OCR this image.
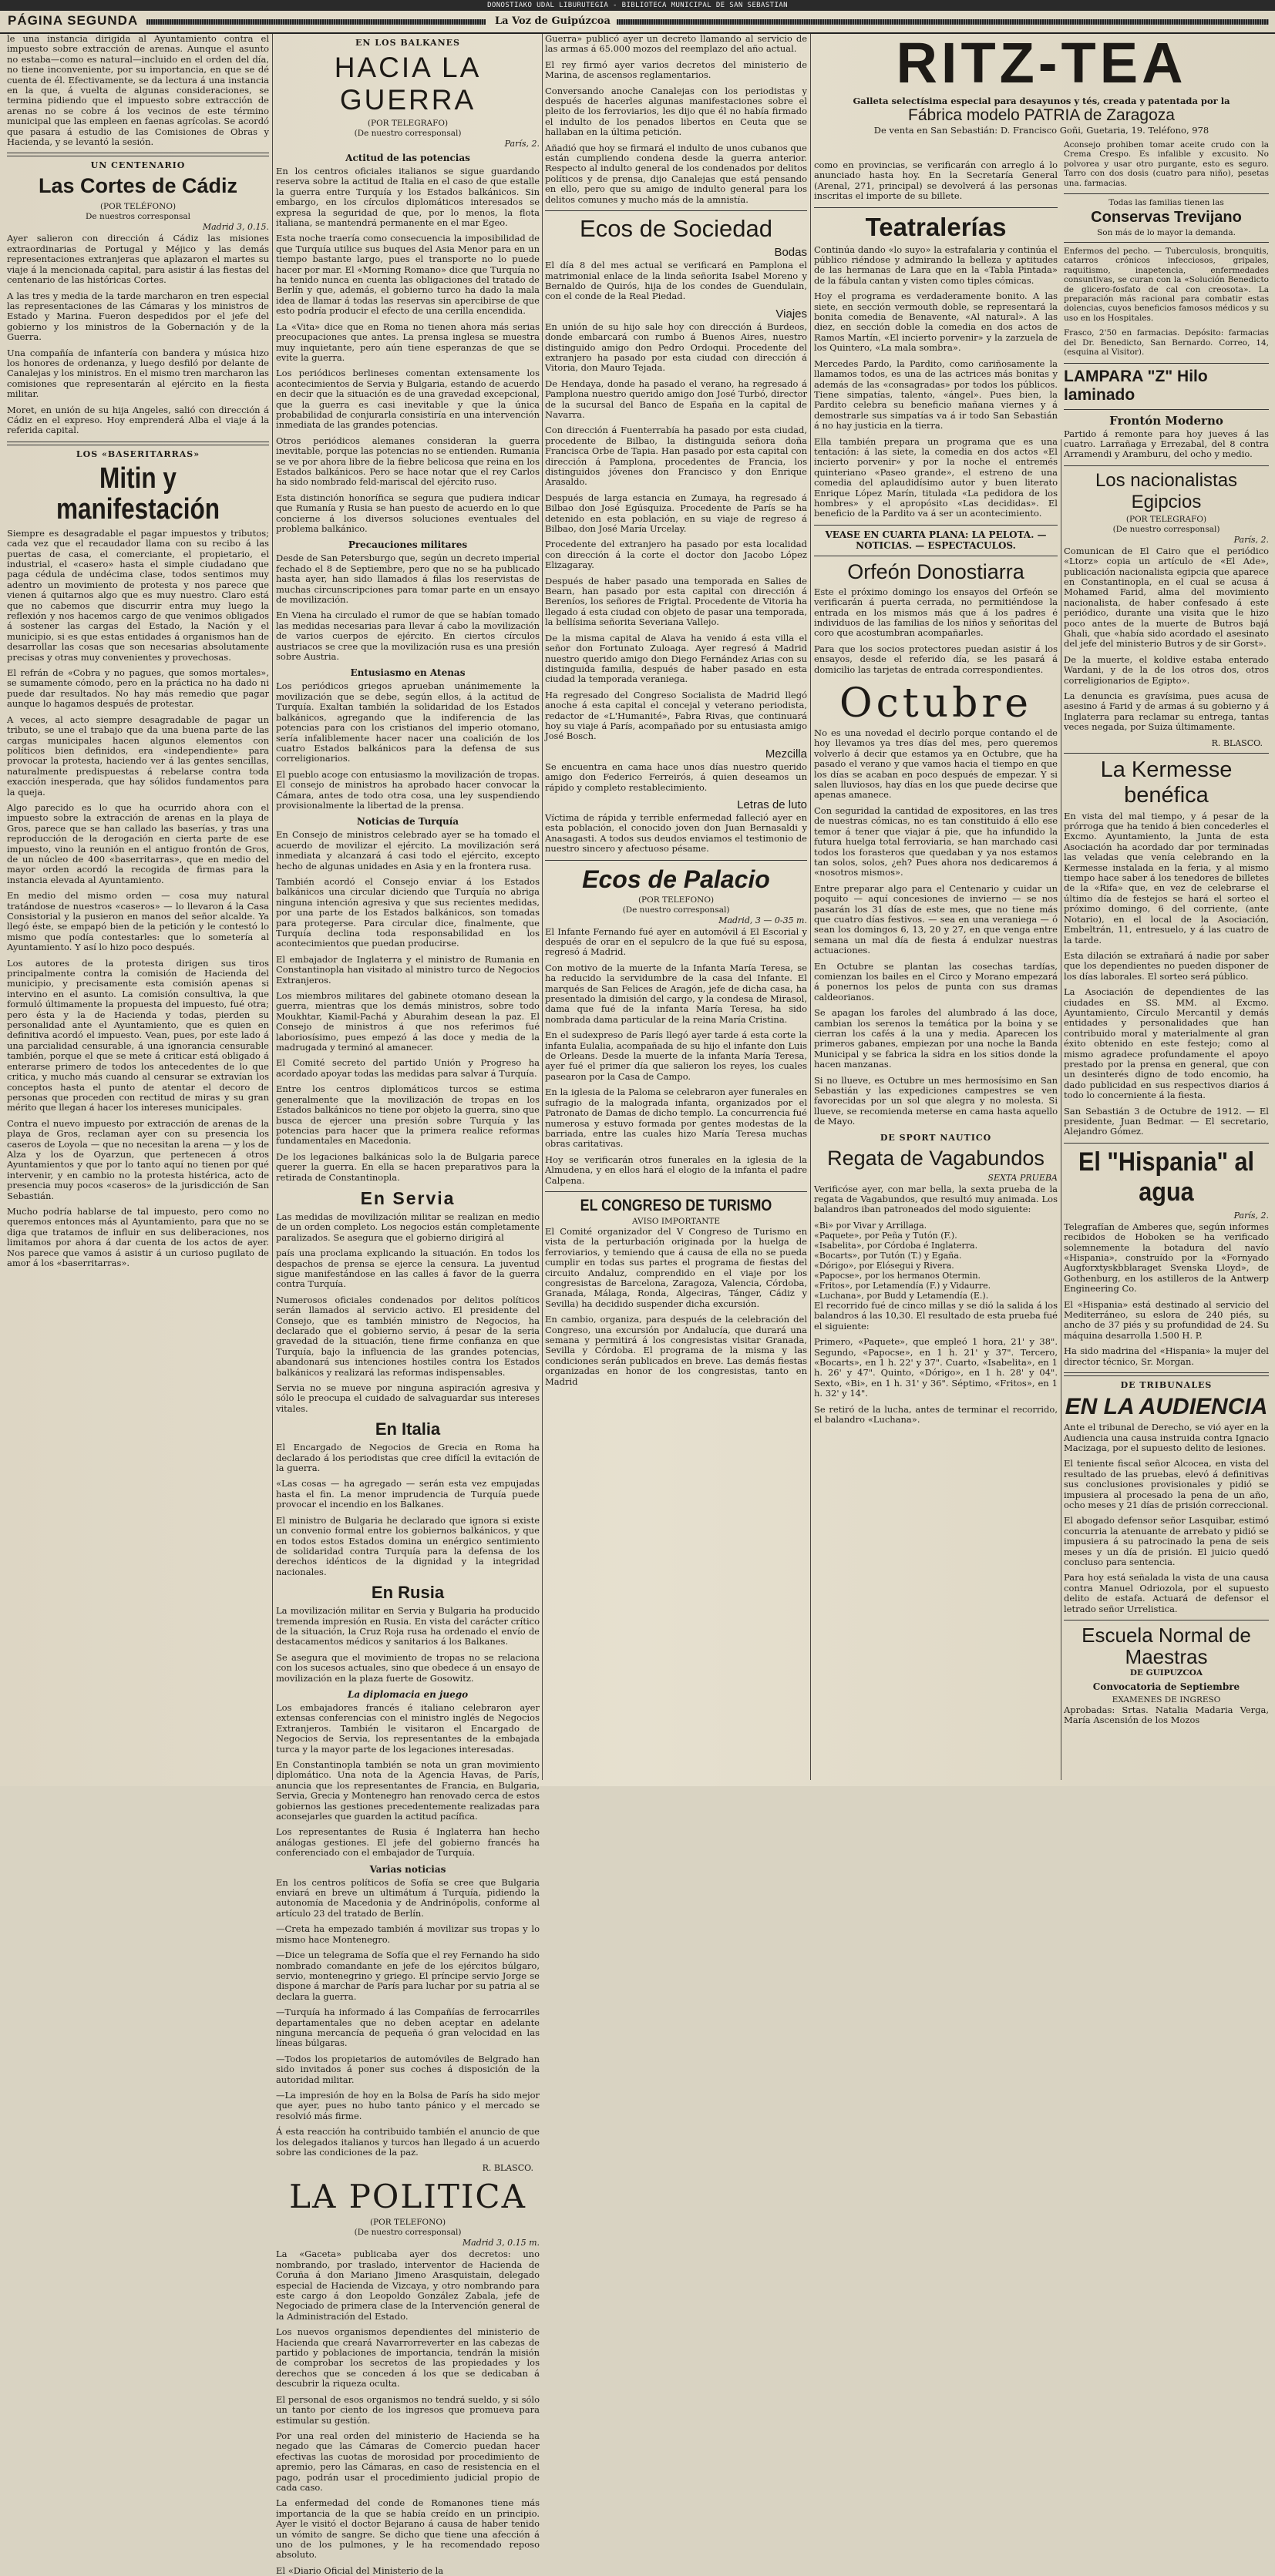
DONOSTIAKO UDAL LIBURUTEGIA - BIBLIOTECA MUNICIPAL DE SAN SEBASTIAN
PÁGINA SEGUNDA	La Voz de Guipúzcoa

le una instancia dirigida al Ayuntamiento contra el impuesto sobre extracción de arenas. Aunque el asunto no estaba—como es natural—incluido en el orden del día, no tiene inconveniente, por su importancia, en que se dé cuenta de él. Efectivamente, se da lectura á una instancia en la que, á vuelta de algunas consideraciones, se termina pidiendo que el impuesto sobre extracción de arenas no se cobre á los vecinos de este término municipal que las empleen en faenas agrícolas. Se acordó que pasara á estudio de las Comisiones de Obras y Hacienda, y se levantó la sesión.

UN CENTENARIO
Las Cortes de Cádiz
(POR TELÉFONO)
De nuestros corresponsal
Madrid 3, 0.15.

Ayer salieron con dirección á Cádiz las misiones extraordinarias de Portugal y Méjico y las demás representaciones extranjeras que aplazaron el martes su viaje á la mencionada capital, para asistir á las fiestas del centenario de las históricas Cortes.

A las tres y media de la tarde marcharon en tren especial las representaciones de las Cámaras y los ministros de Estado y Marina. Fueron despedidos por el jefe del gobierno y los ministros de la Gobernación y de la Guerra.

Una compañía de infantería con bandera y música hizo los honores de ordenanza, y luego desfiló por delante de Canalejas y los ministros. En el mismo tren marcharon las comisiones que representarán al ejército en la fiesta militar.

Moret, en unión de su hija Angeles, salió con dirección á Cádiz en el expreso. Hoy emprenderá Alba el viaje á la referida capital.

LOS «BASERITARRAS»
Mitin y manifestación

Siempre es desagradable el pagar impuestos y tributos; cada vez que el recaudador llama con su recibo á las puertas de casa, el comerciante, el propietario, el industrial, el «casero» hasta el simple ciudadano que paga cédula de undécima clase, todos sentimos muy adentro un movimiento de protesta y nos parece que vienen á quitarnos algo que es muy nuestro. Claro está que no cabemos que discurrir entra muy luego la reflexión y nos hacemos cargo de que venimos obligados á sostener las cargas del Estado, la Nación y el municipio, si es que estas entidades á organismos han de desarrollar las cosas que son necesarias absolutamente precisas y otras muy convenientes y provechosas.

El refrán de «Cobra y no pagues, que somos mortales», se sumamente cómodo, pero en la práctica no ha dado ni puede dar resultados. No hay más remedio que pagar aunque lo hagamos después de protestar.

A veces, al acto siempre desagradable de pagar un tributo, se une el trabajo que da una buena parte de las cargas municipales hacen algunos elementos con políticos bien definidos, era «independiente» para provocar la protesta, haciendo ver á las gentes sencillas, naturalmente predispuestas á rebelarse contra toda exacción inesperada, que hay sólidos fundamentos para la queja.

Algo parecido es lo que ha ocurrido ahora con el impuesto sobre la extracción de arenas en la playa de Gros, parece que se han callado las baserías, y tras una reproducción de la derogación en cierta parte de ese impuesto, vino la reunión en el antiguo frontón de Gros, de un núcleo de 400 «baserritarras», que en medio del mayor orden acordó la recogida de firmas para la instancia elevada al Ayuntamiento.

En medio del mismo orden — cosa muy natural tratándose de nuestros «caseros» — lo llevaron á la Casa Consistorial y la pusieron en manos del señor alcalde. Ya llegó éste, se empapó bien de la petición y le contestó lo mismo que podía contestarles: que lo sometería al Ayuntamiento. Y así lo hizo poco después.

Los autores de la protesta dirigen sus tiros principalmente contra la comisión de Hacienda del municipio, y precisamente esta comisión apenas si intervino en el asunto. La comisión consultiva, la que formuló últimamente la propuesta del impuesto, fué otra; pero ésta y la de Hacienda y todas, pierden su personalidad ante el Ayuntamiento, que es quien en definitiva acordó el impuesto. Vean, pues, por este lado á una parcialidad censurable, á una ignorancia censurable también, porque el que se mete á criticar está obligado á enterarse primero de todos los antecedentes de lo que critica, y mucho más cuando al censurar se extravían los conceptos hasta el punto de atentar el decoro de personas que proceden con rectitud de miras y su gran mérito que llegan á hacer los intereses municipales.

Contra el nuevo impuesto por extracción de arenas de la playa de Gros, reclaman ayer con su presencia los caseros de Loyola — que no necesitan la arena — y los de Alza y los de Oyarzun, que pertenecen á otros Ayuntamientos y que por lo tanto aquí no tienen por qué intervenir, y en cambio no la protesta histérica, acto de presencia muy pocos «caseros» de la jurisdicción de San Sebastián.

Mucho podría hablarse de tal impuesto, pero como no queremos entonces más al Ayuntamiento, para que no se diga que tratamos de influir en sus deliberaciones, nos limitamos por ahora á dar cuenta de los actos de ayer. Nos parece que vamos á asistir á un curioso pugilato de amor á los «baserritarras».

EN LOS BALKANES
HACIA LA GUERRA
(POR TELEGRAFO)
(De nuestro corresponsal)
París, 2.
Actitud de las potencias

En los centros oficiales italianos se sigue guardando reserva sobre la actitud de Italia en el caso de que estalle la guerra entre Turquía y los Estados balkánicos. Sin embargo, en los círculos diplomáticos interesados se expresa la seguridad de que, por lo menos, la flota italiana, se mantendrá permanente en el mar Egeo.

Esta noche traería como consecuencia la imposibilidad de que Turquía utilice sus buques del Asia Menor para en un tiempo bastante largo, pues el transporte no lo puede hacer por mar. El «Morning Romano» dice que Turquía no ha tenido nunca en cuenta las obligaciones del tratado de Berlín y que, además, el gobierno turco ha dado la mala idea de llamar á todas las reservas sin apercibirse de que esto podría producir el efecto de una cerilla encendida.

La «Vita» dice que en Roma no tienen ahora más serias preocupaciones que antes. La prensa inglesa se muestra muy inquietante, pero aún tiene esperanzas de que se evite la guerra.

Los periódicos berlineses comentan extensamente los acontecimientos de Servia y Bulgaria, estando de acuerdo en decir que la situación es de una gravedad excepcional, que la guerra es casi inevitable y que la única probabilidad de conjurarla consistiría en una intervención inmediata de las grandes potencias.

Otros periódicos alemanes consideran la guerra inevitable, porque las potencias no se entienden. Rumania se ve por ahora libre de la fiebre belicosa que reina en los Estados balkánicos. Pero se hace notar que el rey Carlos ha sido nombrado feld-mariscal del ejército ruso.

Esta distinción honorífica se segura que pudiera indicar que Rumanía y Rusia se han puesto de acuerdo en lo que concierne á los diversos soluciones eventuales del problema balkánico.

Precauciones militares

Desde de San Petersburgo que, según un decreto imperial fechado el 8 de Septiembre, pero que no se ha publicado hasta ayer, han sido llamados á filas los reservistas de muchas circunscripciones para tomar parte en un ensayo de movilización.

En Viena ha circulado el rumor de que se habían tomado las medidas necesarias para llevar á cabo la movilización de varios cuerpos de ejército. En ciertos círculos austriacos se cree que la movilización rusa es una presión sobre Austria.

Entusiasmo en Atenas

Los periódicos griegos aprueban unánimemente la movilización que se debe, según ellos, á la actitud de Turquía. Exaltan también la solidaridad de los Estados balkánicos, agregando que la indiferencia de las potencias para con los cristianos del imperio otomano, sería infaliblemente hacer nacer una coalición de los cuatro Estados balkánicos para la defensa de sus correligionarios.

El pueblo acoge con entusiasmo la movilización de tropas. El consejo de ministros ha aprobado hacer convocar la Cámara, antes de todo otra cosa, una ley suspendiendo provisionalmente la libertad de la prensa.

Noticias de Turquía

En Consejo de ministros celebrado ayer se ha tomado el acuerdo de movilizar el ejército. La movilización será inmediata y alcanzará á casi todo el ejército, excepto hecho de algunas unidades en Asia y en la frontera rusa.

También acordó el Consejo enviar á los Estados balkánicos una circular diciendo que Turquía no abriga ninguna intención agresiva y que sus recientes medidas, por una parte de los Estados balkánicos, son tomadas para protegerse. Para circular dice, finalmente, que Turquía declina toda responsabilidad en los acontecimientos que puedan producirse.

El embajador de Inglaterra y el ministro de Rumania en Constantinopla han visitado al ministro turco de Negocios Extranjeros.

Los miembros militares del gabinete otomano desean la guerra, mientras que los demás ministros, sobre todo Moukhtar, Kiamil-Pachá y Aburahim desean la paz. El Consejo de ministros á que nos referimos fué laboriosísimo, pues empezó á las doce y media de la madrugada y terminó al amanecer.

El Comité secreto del partido Unión y Progreso ha acordado apoyar todas las medidas para salvar á Turquía.

Entre los centros diplomáticos turcos se estima generalmente que la movilización de tropas en los Estados balkánicos no tiene por objeto la guerra, sino que busca de ejercer una presión sobre Turquía y las potencias para hacer que la primera realice reformas fundamentales en Macedonia.

De los legaciones balkánicas solo la de Bulgaria parece querer la guerra. En ella se hacen preparativos para la retirada de Constantinopla.

En Servia

Las medidas de movilización militar se realizan en medio de un orden completo. Los negocios están completamente paralizados. Se asegura que el gobierno dirigirá al

país una proclama explicando la situación. En todos los despachos de prensa se ejerce la censura. La juventud sigue manifestándose en las calles á favor de la guerra contra Turquía.

Numerosos oficiales condenados por delitos políticos serán llamados al servicio activo. El presidente del Consejo, que es también ministro de Negocios, ha declarado que el gobierno servio, á pesar de la seria gravedad de la situación, tiene firme confianza en que Turquía, bajo la influencia de las grandes potencias, abandonará sus intenciones hostiles contra los Estados balkánicos y realizará las reformas indispensables.

Servia no se mueve por ninguna aspiración agresiva y sólo le preocupa el cuidado de salvaguardar sus intereses vitales.

En Italia

El Encargado de Negocios de Grecia en Roma ha declarado á los periodistas que cree difícil la evitación de la guerra.

«Las cosas — ha agregado — serán esta vez empujadas hasta el fin. La menor imprudencia de Turquía puede provocar el incendio en los Balkanes.

El ministro de Bulgaria he declarado que ignora si existe un convenio formal entre los gobiernos balkánicos, y que en todos estos Estados domina un enérgico sentimiento de solidaridad contra Turquía para la defensa de los derechos idénticos de la dignidad y la integridad nacionales.

En Rusia

La movilización militar en Servia y Bulgaria ha producido tremenda impresión en Rusia. En vista del carácter crítico de la situación, la Cruz Roja rusa ha ordenado el envío de destacamentos médicos y sanitarios á los Balkanes.

Se asegura que el movimiento de tropas no se relaciona con los sucesos actuales, sino que obedece á un ensayo de movilización en la plaza fuerte de Gosowitz.

La diplomacia en juego

Los embajadores francés é italiano celebraron ayer extensas conferencias con el ministro inglés de Negocios Extranjeros. También le visitaron el Encargado de Negocios de Servia, los representantes de la embajada turca y la mayor parte de los legaciones interesadas.

En Constantinopla también se nota un gran movimiento diplomático. Una nota de la Agencia Havas, de París, anuncia que los representantes de Francia, en Bulgaria, Servia, Grecia y Montenegro han renovado cerca de estos gobiernos las gestiones precedentemente realizadas para aconsejarles que guarden la actitud pacífica.

Los representantes de Rusia é Inglaterra han hecho análogas gestiones. El jefe del gobierno francés ha conferenciado con el embajador de Turquía.

Varias noticias

En los centros políticos de Sofía se cree que Bulgaria enviará en breve un ultimátum á Turquía, pidiendo la autonomía de Macedonia y de Andrinópolis, conforme al artículo 23 del tratado de Berlín.

—Creta ha empezado también á movilizar sus tropas y lo mismo hace Montenegro.

—Dice un telegrama de Sofía que el rey Fernando ha sido nombrado comandante en jefe de los ejércitos búlgaro, servio, montenegrino y griego. El príncipe servio Jorge se dispone á marchar de París para luchar por su patria al se declara la guerra.

—Turquía ha informado á las Compañías de ferrocarriles departamentales que no deben aceptar en adelante ninguna mercancía de pequeña ó gran velocidad en las líneas búlgaras.

—Todos los propietarios de automóviles de Belgrado han sido invitados á poner sus coches á disposición de la autoridad militar.

—La impresión de hoy en la Bolsa de París ha sido mejor que ayer, pues no hubo tanto pánico y el mercado se resolvió más firme.

Á esta reacción ha contribuido también el anuncio de que los delegados italianos y turcos han llegado á un acuerdo sobre las condiciones de la paz.

R. BLASCO.
LA POLITICA
(POR TELEFONO)
(De nuestro corresponsal)
Madrid 3, 0.15 m.

La «Gaceta» publicaba ayer dos decretos: uno nombrando, por traslado, interventor de Hacienda de Coruña á don Mariano Jimeno Arasquistain, delegado especial de Hacienda de Vizcaya, y otro nombrando para este cargo á don Leopoldo González Zabala, jefe de Negociado de primera clase de la Intervención general de la Administración del Estado.

Los nuevos organismos dependientes del ministerio de Hacienda que creará Navarrorreverter en las cabezas de partido y poblaciones de importancia, tendrán la misión de comprobar los secretos de las propiedades y los derechos que se conceden á los que se dedicaban á descubrir la riqueza oculta.

El personal de esos organismos no tendrá sueldo, y si sólo un tanto por ciento de los ingresos que promueva para estimular su gestión.

Por una real orden del ministerio de Hacienda se ha negado que las Cámaras de Comercio puedan hacer efectivas las cuotas de morosidad por procedimiento de apremio, pero las Cámaras, en caso de resistencia en el pago, podrán usar el procedimiento judicial propio de cada caso.

La enfermedad del conde de Romanones tiene más importancia de la que se había creído en un principio. Ayer le visitó el doctor Bejarano á causa de haber tenido un vómito de sangre. Se dicho que tiene una afección á uno de los pulmones, y le ha recomendado reposo absoluto.

El «Diario Oficial del Ministerio de la

Guerra» publicó ayer un decreto llamando al servicio de las armas á 65.000 mozos del reemplazo del año actual.

El rey firmó ayer varios decretos del ministerio de Marina, de ascensos reglamentarios.

Conversando anoche Canalejas con los periodistas y después de hacerles algunas manifestaciones sobre el pleito de los ferroviarios, les dijo que él no había firmado el indulto de los penados libertos en Ceuta que se hallaban en la última petición.

Añadió que hoy se firmará el indulto de unos cubanos que están cumpliendo condena desde la guerra anterior. Respecto al indulto general de los condenados por delitos políticos y de prensa, dijo Canalejas que está pensando en ello, pero que su amigo de indulto general para los delitos comunes y mucho más de la amnistía.

Ecos de Sociedad
Bodas

El día 8 del mes actual se verificará en Pamplona el matrimonial enlace de la linda señorita Isabel Moreno y Bernaldo de Quirós, hija de los condes de Guendulain, con el conde de la Real Piedad.

Viajes

En unión de su hijo sale hoy con dirección á Burdeos, donde embarcará con rumbo á Buenos Aires, nuestro distinguido amigo don Pedro Ordoqui. Procedente del extranjero ha pasado por esta ciudad con dirección á Vitoria, don Mauro Tejada.

De Hendaya, donde ha pasado el verano, ha regresado á Pamplona nuestro querido amigo don José Turbó, director de la sucursal del Banco de España en la capital de Navarra.

Con dirección á Fuenterrabía ha pasado por esta ciudad, procedente de Bilbao, la distinguida señora doña Francisca Orbe de Tapia. Han pasado por esta capital con dirección á Pamplona, procedentes de Francia, los distinguidos jóvenes don Francisco y don Enrique Arasaldo.

Después de larga estancia en Zumaya, ha regresado á Bilbao don José Egúsquiza. Procedente de París se ha detenido en esta población, en su viaje de regreso á Bilbao, don José María Urcelay.

Procedente del extranjero ha pasado por esta localidad con dirección á la corte el doctor don Jacobo López Elizagaray.

Después de haber pasado una temporada en Salies de Bearn, han pasado por esta capital con dirección á Bereníos, los señores de Frigtal. Procedente de Vitoria ha llegado á esta ciudad con objeto de pasar una temporada, la bellísima señorita Severiana Vallejo.

De la misma capital de Alava ha venido á esta villa el señor don Fortunato Zuloaga. Ayer regresó á Madrid nuestro querido amigo don Diego Fernández Arias con su distinguida familia, después de haber pasado en esta ciudad la temporada veraniega.

Ha regresado del Congreso Socialista de Madrid llegó anoche á esta capital el concejal y veterano periodista, redactor de «L'Humanité», Fabra Rivas, que continuará hoy su viaje á París, acompañado por su entusiasta amigo José Bosch.

Mezcilla

Se encuentra en cama hace unos días nuestro querido amigo don Federico Ferreirós, á quien deseamos un rápido y completo restablecimiento.

Letras de luto

Víctima de rápida y terrible enfermedad falleció ayer en esta población, el conocido joven don Juan Bernasaldi y Anasagasti. A todos sus deudos enviamos el testimonio de nuestro sincero y afectuoso pésame.

Ecos de Palacio
(POR TELEFONO)
(De nuestro corresponsal)
Madrid, 3 — 0-35 m.

El Infante Fernando fué ayer en automóvil á El Escorial y después de orar en el sepulcro de la que fué su esposa, regresó á Madrid.

Con motivo de la muerte de la Infanta María Teresa, se ha reducido la servidumbre de la casa del Infante. El marqués de San Felices de Aragón, jefe de dicha casa, ha presentado la dimisión del cargo, y la condesa de Mirasol, dama que fué de la infanta María Teresa, ha sido nombrada dama particular de la reina María Cristina.

En el sudexpreso de París llegó ayer tarde á esta corte la infanta Eulalia, acompañada de su hijo el infante don Luis de Orleans. Desde la muerte de la infanta María Teresa, ayer fué el primer día que salieron los reyes, los cuales pasearon por la Casa de Campo.

En la iglesia de la Paloma se celebraron ayer funerales en sufragio de la malograda infanta, organizados por el Patronato de Damas de dicho templo. La concurrencia fué numerosa y estuvo formada por gentes modestas de la barriada, entre las cuales hizo María Teresa muchas obras caritativas.

Hoy se verificarán otros funerales en la iglesia de la Almudena, y en ellos hará el elogio de la infanta el padre Calpena.

EL CONGRESO DE TURISMO
AVISO IMPORTANTE

El Comité organizador del V Congreso de Turismo en vista de la perturbación originada por la huelga de ferroviarios, y temiendo que á causa de ella no se pueda cumplir en todas sus partes el programa de fiestas del circuito Andaluz, comprendido en el viaje por los congresistas de Barcelona, Zaragoza, Valencia, Córdoba, Granada, Málaga, Ronda, Algeciras, Tánger, Cádiz y Sevilla) ha decidido suspender dicha excursión.

En cambio, organiza, para después de la celebración del Congreso, una excursión por Andalucía, que durará una semana y permitirá á los congresistas visitar Granada, Sevilla y Córdoba. El programa de la misma y las condiciones serán publicados en breve. Las demás fiestas organizadas en honor de los congresistas, tanto en Madrid

RITZ-TEA
Galleta selectísima especial para desayunos y tés, creada y patentada por la
Fábrica modelo PATRIA de Zaragoza
De venta en San Sebastián: D. Francisco Goñi, Guetaria, 19. Teléfono, 978

como en provincias, se verificarán con arreglo á lo anunciado hasta hoy. En la Secretaría General (Arenal, 271, principal) se devolverá á las personas inscritas el importe de su billete.

Teatralerías

Continúa dando «lo suyo» la estrafalaria y continúa el público riéndose y admirando la belleza y aptitudes de las hermanas de Lara que en la «Tabla Pintada» de la fábula cantan y visten como tiples cómicas.

Hoy el programa es verdaderamente bonito. A las siete, en sección vermouth doble, se representará la bonita comedia de Benavente, «Al natural». A las diez, en sección doble la comedia en dos actos de Ramos Martín, «El incierto porvenir» y la zarzuela de los Quintero, «La mala sombra».

Mercedes Pardo, la Pardito, como cariñosamente la llamamos todos, es una de las actrices más bonitas y además de las «consagradas» por todos los públicos. Tiene simpatías, talento, «ángel». Pues bien, la Pardito celebra su beneficio mañana viernes y á demostrarle sus simpatías va á ir todo San Sebastián á no hay justicia en la tierra.

Ella también prepara un programa que es una tentación: á las siete, la comedia en dos actos «El incierto porvenir» y por la noche el entremés quinteriano «Paseo grande», el estreno de una comedia del aplaudidísimo autor y buen literato Enrique López Marín, titulada «La pedidora de los hombres» y el apropósito «Las decididas». El beneficio de la Pardito va á ser un acontecimiento.

VEASE EN CUARTA PLANA: LA PELOTA. — NOTICIAS. — ESPECTACULOS.
Orfeón Donostiarra

Este el próximo domingo los ensayos del Orfeón se verificarán á puerta cerrada, no permitiéndose la entrada en los mismos más que á los padres é individuos de las familias de los niños y señoritas del coro que acostumbran acompañarles.

Para que los socios protectores puedan asistir á los ensayos, desde el referido día, se les pasará á domicilio las tarjetas de entrada correspondientes.

Octubre

No es una novedad el decirlo porque contando el de hoy llevamos ya tres días del mes, pero queremos volverlo á decir que estamos ya en Octubre, que ha pasado el verano y que vamos hacia el tiempo en que los días se acaban en poco después de empezar. Y si salen lluviosos, hay días en los que puede decirse que apenas amanece.

Con seguridad la cantidad de expositores, en las tres de nuestras cómicas, no es tan constituido á ello ese temor á tener que viajar á pie, que ha infundido la futura huelga total ferroviaria, se han marchado casi todos los forasteros que quedaban y ya nos estamos tan solos, solos, ¿eh? Pues ahora nos dedicaremos á «nosotros mismos».

Entre preparar algo para el Centenario y cuidar un poquito — aquí concesiones de invierno — se nos pasarán los 31 días de este mes, que no tiene más que cuatro días festivos. — sea en una veraniega — ó sean los domingos 6, 13, 20 y 27, en que venga entre semana un mal día de fiesta á endulzar nuestras actuaciones.

En Octubre se plantan las cosechas tardías, comienzan los bailes en el Circo y Morano empezará á ponernos los pelos de punta con sus dramas caldeorianos.

Se apagan los faroles del alumbrado á las doce, cambian los serenos la temática por la boina y se cierran los cafés á la una y media. Aparecen los primeros gabanes, empiezan por una noche la Banda Municipal y se fabrica la sidra en los sitios donde la hacen manzanas.

Si no llueve, es Octubre un mes hermosísimo en San Sebastián y las expediciones campestres se ven favorecidas por un sol que alegra y no molesta. Si llueve, se recomienda meterse en cama hasta aquello de Mayo.

DE SPORT NAUTICO
Regata de Vagabundos
SEXTA PRUEBA

Verificóse ayer, con mar bella, la sexta prueba de la regata de Vagabundos, que resultó muy animada. Los balandros iban patroneados del modo siguiente:

«Bi» por Vivar y Arrillaga.
«Paquete», por Peña y Tutón (F.).
«Isabelita», por Córdoba é Inglaterra.
«Bocarts», por Tutón (T.) y Egaña.
«Dórigo», por Elósegui y Rivera.
«Papocse», por los hermanos Otermin.
«Fritos», por Letamendía (F.) y Vidaurre.
«Luchana», por Budd y Letamendía (E.).

El recorrido fué de cinco millas y se dió la salida á los balandros á las 10,30. El resultado de esta prueba fué el siguiente:

Primero, «Paquete», que empleó 1 hora, 21' y 38". Segundo, «Papocse», en 1 h. 21' y 37". Tercero, «Bocarts», en 1 h. 22' y 37". Cuarto, «Isabelita», en 1 h. 26' y 47". Quinto, «Dórigo», en 1 h. 28' y 04". Sexto, «Bi», en 1 h. 31' y 36". Séptimo, «Fritos», en 1 h. 32' y 14".

Se retiró de la lucha, antes de terminar el recorrido, el balandro «Luchana».

Aconsejo prohiben tomar aceite crudo con la Crema Crespo. Es infalible y excusito. No polvorea y usar otro purgante, esto es seguro. Tarro con dos dosis (cuatro para niño), pesetas una. farmacias.

Todas las familias tienen las
Conservas Trevijano
Son más de lo mayor la demanda.

Enfermos del pecho. — Tuberculosis, bronquitis, catarros crónicos infecciosos, gripales, raquitismo, inapetencia, enfermedades consuntivas, se curan con la «Solución Benedicto de glicero-fosfato de cal con creosota». La preparación más racional para combatir estas dolencias, cuyos beneficios famosos médicos y su uso en los Hospitales.

Frasco, 2'50 en farmacias. Depósito: farmacias del Dr. Benedicto, San Bernardo. Correo, 14, (esquina al Visitor).

LAMPARA "Z" Hilo laminado
Frontón Moderno

Partido á remonte para hoy jueves á las cuatro. Larrañaga y Errezabal, del 8 contra Arramendi y Aramburu, del ocho y medio.

Los nacionalistas Egipcios
(POR TELEGRAFO)
(De nuestro corresponsal)
París, 2.

Comunican de El Cairo que el periódico «Ltorz» copia un artículo de «El Ade», publicación nacionalista egipcia que aparece en Constantinopla, en el cual se acusa á Mohamed Farid, alma del movimiento nacionalista, de haber confesado á este periódico, durante una visita que le hizo poco antes de la muerte de Butros bajá Ghali, que «había sido acordado el asesinato del jefe del ministerio Butros y de sir Gorst».

De la muerte, el koldive estaba enterado Wardani, y de la de los otros dos, otros correligionarios de Egipto».

La denuncia es gravísima, pues acusa de asesino á Farid y de armas á su gobierno y á Inglaterra para reclamar su entrega, tantas veces negada, por Suiza últimamente.

R. BLASCO.
La Kermesse benéfica

En vista del mal tiempo, y á pesar de la prórroga que ha tenido á bien concederles el Excmo. Ayuntamiento, la Junta de esta Asociación ha acordado dar por terminadas las veladas que venía celebrando en la Kermesse instalada en la feria, y al mismo tiempo hace saber á los tenedores de billetes de la «Rifa» que, en vez de celebrarse el último día de festejos se hará el sorteo el próximo domingo, 6 del corriente, (ante Notario), en el local de la Asociación, Embeltrán, 11, entresuelo, y á las cuatro de la tarde.

Esta dilación se extrañará á nadie por saber que los dependientes no pueden disponer de los días laborales. El sorteo será público.

La Asociación de dependientes de las ciudades en SS. MM. al Excmo. Ayuntamiento, Círculo Mercantil y demás entidades y personalidades que han contribuido moral y materialmente al gran éxito obtenido en este festejo; como al mismo agradece profundamente el apoyo prestado por la prensa en general, que con un desinterés digno de todo encomio, ha dado publicidad en sus respectivos diarios á todo lo concerniente á la fiesta.

San Sebastián 3 de Octubre de 1912. — El presidente, Juan Bedmar. — El secretario, Alejandro Gómez.

El "Hispania" al agua
París, 2.

Telegrafían de Amberes que, según informes recibidos de Hoboken se ha verificado solemnemente la botadura del navío «Hispania», construído por la «Fornyado Augforxtyskbblaraget Svenska Lloyd», de Gothenburg, en los astilleros de la Antwerp Engineering Co.

El «Hispania» está destinado al servicio del Mediterráneo, su eslora de 240 piés, su ancho de 37 piés y su profundidad de 24. Su máquina desarrolla 1.500 H. P.

Ha sido madrina del «Hispania» la mujer del director técnico, Sr. Morgan.

DE TRIBUNALES
EN LA AUDIENCIA

Ante el tribunal de Derecho, se vió ayer en la Audiencia una causa instruida contra Ignacio Macizaga, por el supuesto delito de lesiones.

El teniente fiscal señor Alcocea, en vista del resultado de las pruebas, elevó á definitivas sus conclusiones provisionales y pidió se impusiera al procesado la pena de un año, ocho meses y 21 días de prisión correccional.

El abogado defensor señor Lasquibar, estimó concurria la atenuante de arrebato y pidió se impusiera á su patrocinado la pena de seis meses y un día de prisión. El juicio quedó concluso para sentencia.

Para hoy está señalada la vista de una causa contra Manuel Odriozola, por el supuesto delito de estafa. Actuará de defensor el letrado señor Urrelistica.

Escuela Normal de Maestras
DE GUIPUZCOA
Convocatoria de Septiembre
EXAMENES DE INGRESO

Aprobadas: Srtas. Natalia Madaria Verga, María Ascensión de los Mozos
